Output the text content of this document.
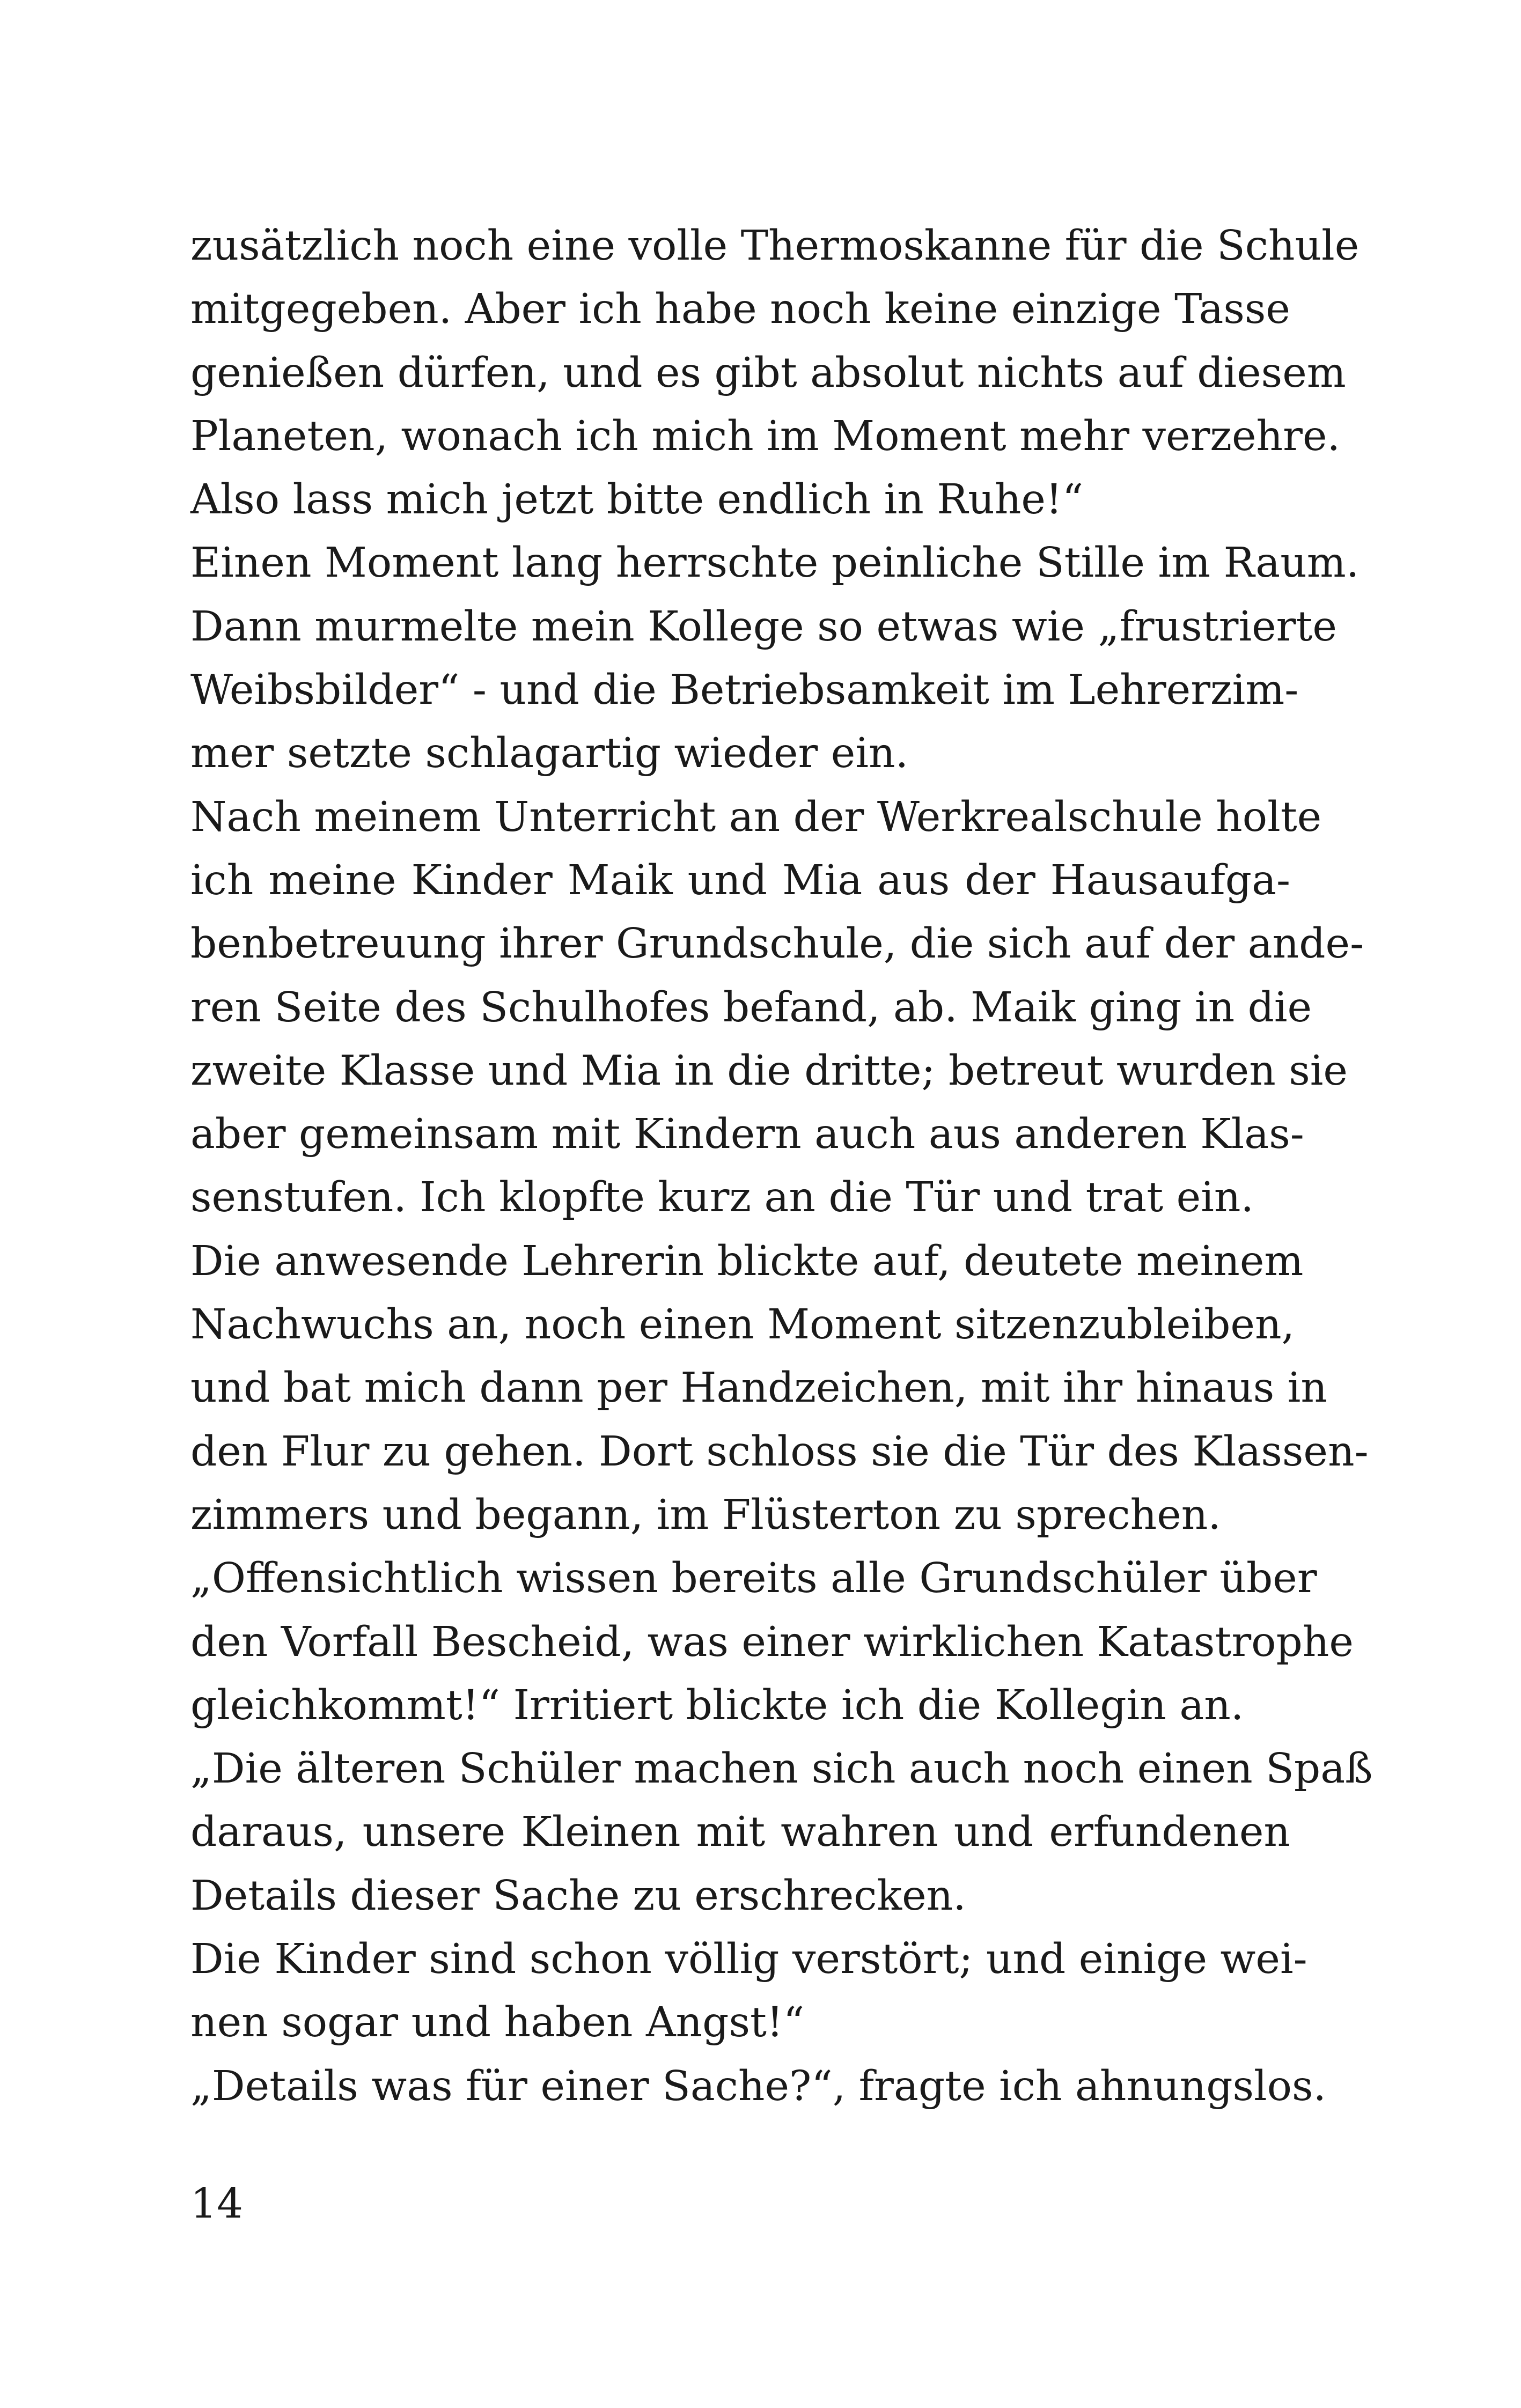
zusätzlich noch eine volle Thermoskanne für die Schule
mitgegeben. Aber ich habe noch keine einzige Tasse
genießen dürfen, und es gibt absolut nichts auf diesem
Planeten, wonach ich mich im Moment mehr verzehre.
Also lass mich jetzt bitte endlich in Ruhe!“
Einen Moment lang herrschte peinliche Stille im Raum.
Dann murmelte mein Kollege so etwas wie „frustrierte
Weibsbilder“ - und die Betriebsamkeit im Lehrerzim-
mer setzte schlagartig wieder ein.
Nach meinem Unterricht an der Werkrealschule holte
ich meine Kinder Maik und Mia aus der Hausaufga-
benbetreuung ihrer Grundschule, die sich auf der ande-
ren Seite des Schulhofes befand, ab. Maik ging in die
zweite Klasse und Mia in die dritte; betreut wurden sie
aber gemeinsam mit Kindern auch aus anderen Klas-
senstufen. Ich klopfte kurz an die Tür und trat ein.
Die anwesende Lehrerin blickte auf, deutete meinem
Nachwuchs an, noch einen Moment sitzenzubleiben,
und bat mich dann per Handzeichen, mit ihr hinaus in
den Flur zu gehen. Dort schloss sie die Tür des Klassen-
zimmers und begann, im Flüsterton zu sprechen.
„Offensichtlich wissen bereits alle Grundschüler über
den Vorfall Bescheid, was einer wirklichen Katastrophe
gleichkommt!“ Irritiert blickte ich die Kollegin an.
„Die älteren Schüler machen sich auch noch einen Spaß
daraus, unsere Kleinen mit wahren und erfundenen
Details dieser Sache zu erschrecken.
Die Kinder sind schon völlig verstört; und einige wei-
nen sogar und haben Angst!“
„Details was für einer Sache?“, fragte ich ahnungslos.
14
